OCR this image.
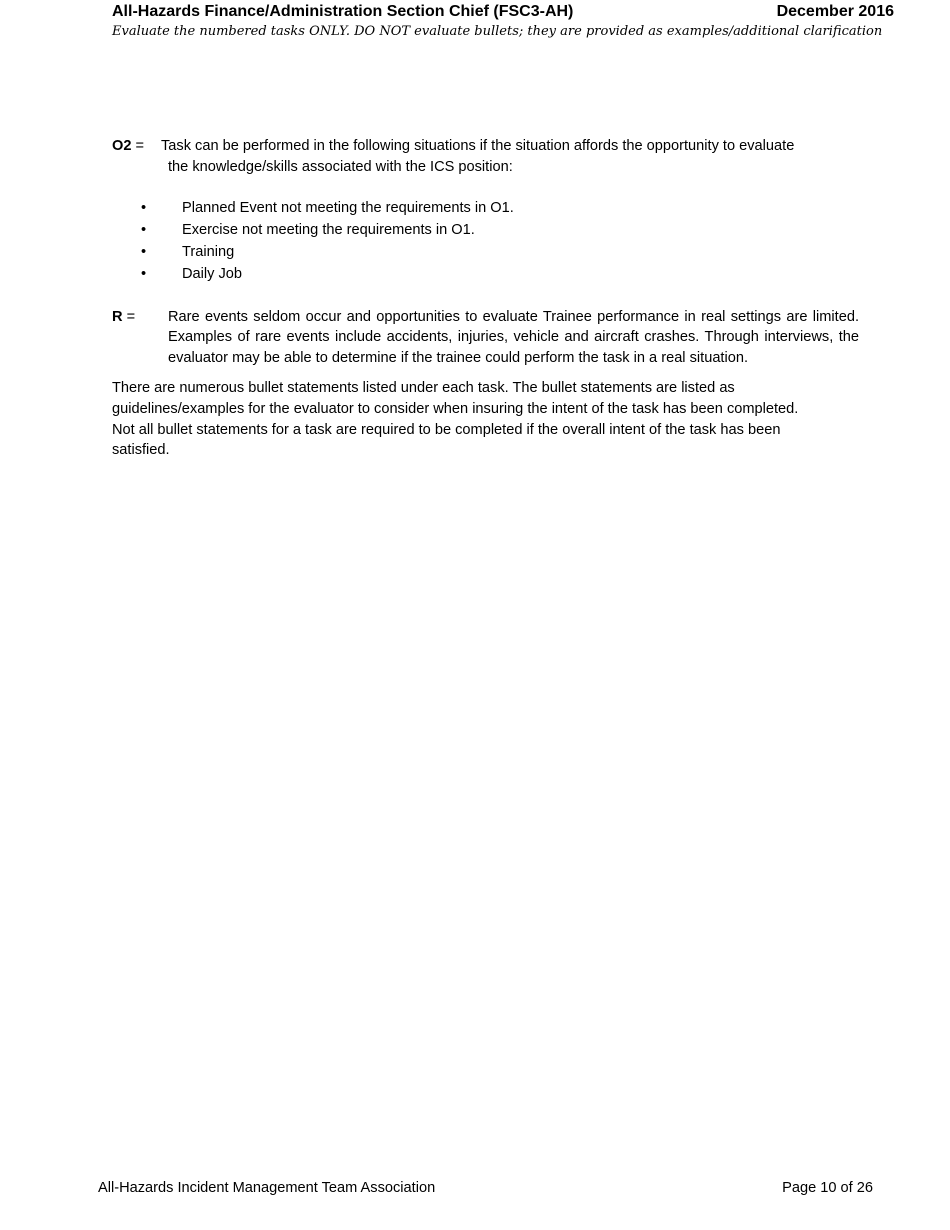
All-Hazards Finance/Administration Section Chief (FSC3-AH)	December 2016
Evaluate the numbered tasks ONLY. DO NOT evaluate bullets; they are provided as examples/additional clarification
O2 = Task can be performed in the following situations if the situation affords the opportunity to evaluate
the knowledge/skills associated with the ICS position:
• Planned Event not meeting the requirements in O1.
• Exercise not meeting the requirements in O1.
• Training
• Daily Job
R = Rare events seldom occur and opportunities to evaluate Trainee performance in real settings are limited. Examples of rare events include accidents, injuries, vehicle and aircraft crashes. Through interviews, the evaluator may be able to determine if the trainee could perform the task in a real situation.
There are numerous bullet statements listed under each task. The bullet statements are listed as
guidelines/examples for the evaluator to consider when insuring the intent of the task has been completed.
Not all bullet statements for a task are required to be completed if the overall intent of the task has been
satisfied.
All-Hazards Incident Management Team Association	Page 10 of 26
